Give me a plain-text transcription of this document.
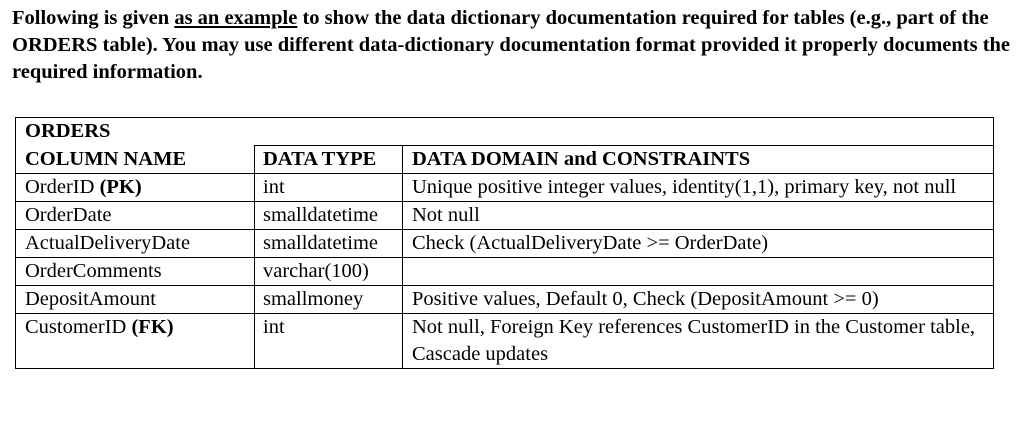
Following is given as an example to show the data dictionary documentation required for tables (e.g., part of the ORDERS table). You may use different data-dictionary documentation format provided it properly documents the required information.
ORDERS		
COLUMN NAME	DATA TYPE	DATA DOMAIN and CONSTRAINTS
OrderID (PK)	int	Unique positive integer values, identity(1,1), primary key, not null
OrderDate	smalldatetime	Not null
ActualDeliveryDate	smalldatetime	Check (ActualDeliveryDate >= OrderDate)
OrderComments	varchar(100)	
DepositAmount	smallmoney	Positive values, Default 0, Check (DepositAmount >= 0)
CustomerID (FK)	int	Not null, Foreign Key references CustomerID in the Customer table, Cascade updates
